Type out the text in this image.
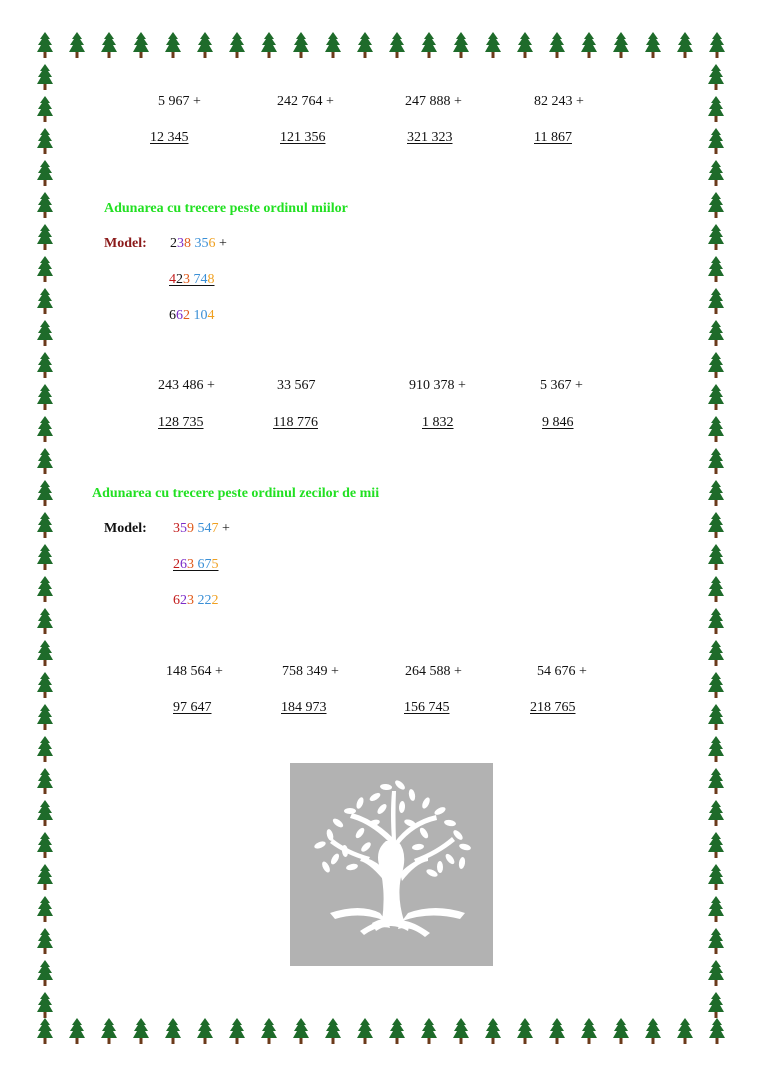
5 967 +
12 345
242 764 +
121 356
247 888 +
321 323
82 243 +
11 867
Adunarea cu trecere peste ordinul miilor
Model: 238 356 +
423 748
662 104
243 486 +
128 735
33 567
118 776
910 378 +
1 832
5 367 +
9 846
Adunarea cu trecere peste ordinul zecilor de mii
Model: 359 547 +
263 675
623 222
148 564 +
97 647
758 349 +
184 973
264 588 +
156 745
54 676 +
218 765
